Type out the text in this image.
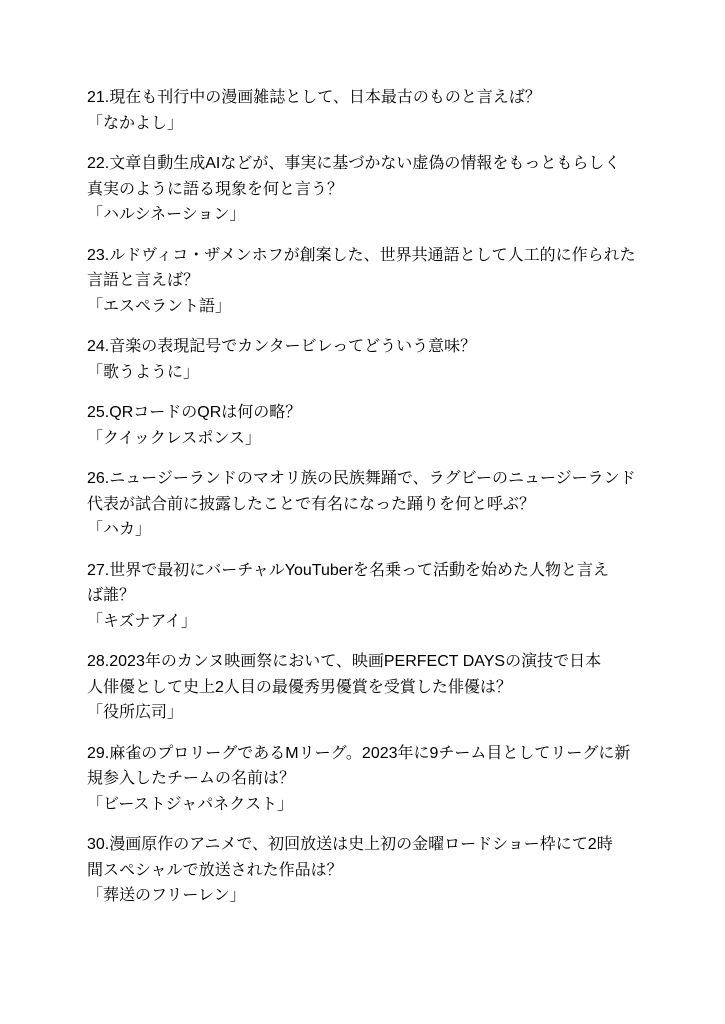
21.現在も刊行中の漫画雑誌として、日本最古のものと言えば？
「なかよし」
22.文章自動生成AIなどが、事実に基づかない虚偽の情報をもっともらしく
真実のように語る現象を何と言う？
「ハルシネーション」
23.ルドヴィコ・ザメンホフが創案した、世界共通語として人工的に作られた
言語と言えば？
「エスペラント語」
24.音楽の表現記号でカンタービレってどういう意味？
「歌うように」
25.QRコードのQRは何の略？
「クイックレスポンス」
26.ニュージーランドのマオリ族の民族舞踊で、ラグビーのニュージーランド
代表が試合前に披露したことで有名になった踊りを何と呼ぶ？
「ハカ」
27.世界で最初にバーチャルYouTuberを名乗って活動を始めた人物と言え
ば誰？
「キズナアイ」
28.2023年のカンヌ映画祭において、映画PERFECT DAYSの演技で日本
人俳優として史上2人目の最優秀男優賞を受賞した俳優は？
「役所広司」
29.麻雀のプロリーグであるMリーグ。2023年に9チーム目としてリーグに新
規参入したチームの名前は？
「ビーストジャパネクスト」
30.漫画原作のアニメで、初回放送は史上初の金曜ロードショー枠にて2時
間スペシャルで放送された作品は？
「葬送のフリーレン」
